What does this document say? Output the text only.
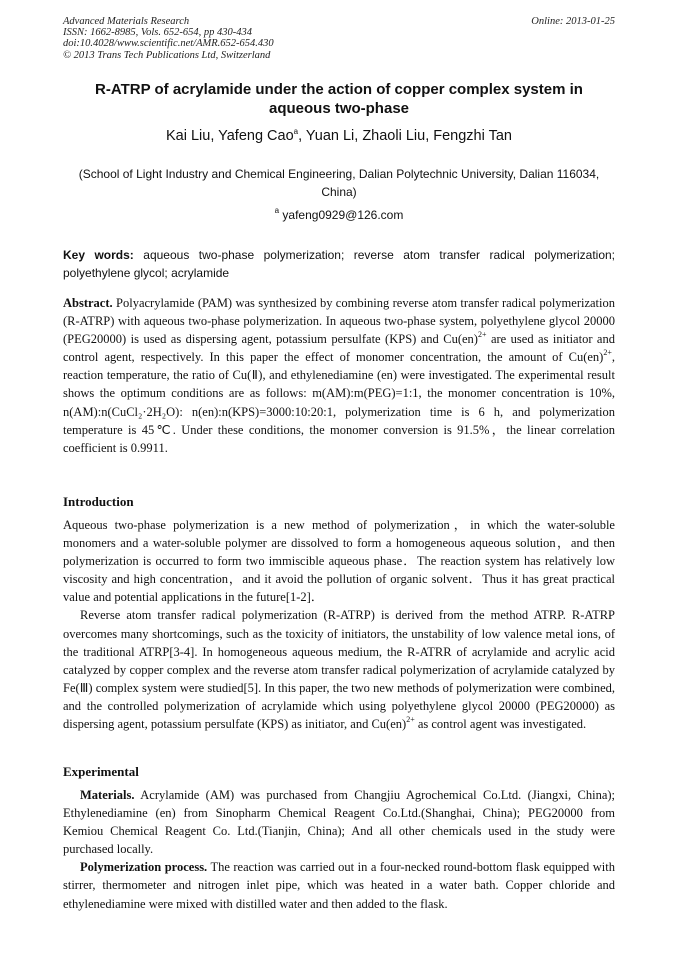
Advanced Materials Research
ISSN: 1662-8985, Vols. 652-654, pp 430-434
doi:10.4028/www.scientific.net/AMR.652-654.430
© 2013 Trans Tech Publications Ltd, Switzerland
Online: 2013-01-25
R-ATRP of acrylamide under the action of copper complex system in
aqueous two-phase
Kai Liu, Yafeng Cao$^a$, Yuan Li, Zhaoli Liu, Fengzhi Tan
(School of Light Industry and Chemical Engineering, Dalian Polytechnic University, Dalian 116034, China)
$^a$ yafeng0929@126.com
Key words: aqueous two-phase polymerization; reverse atom transfer radical polymerization; polyethylene glycol; acrylamide
Abstract. Polyacrylamide (PAM) was synthesized by combining reverse atom transfer radical polymerization (R-ATRP) with aqueous two-phase polymerization. In aqueous two-phase system, polyethylene glycol 20000 (PEG20000) is used as dispersing agent, potassium persulfate (KPS) and Cu(en)$^{2+}$ are used as initiator and control agent, respectively. In this paper the effect of monomer concentration, the amount of Cu(en)$^{2+}$, reaction temperature, the ratio of Cu(Ⅱ), and ethylenediamine (en) were investigated. The experimental result shows the optimum conditions are as follows: m(AM):m(PEG)=1:1, the monomer concentration is 10%, n(AM):n(CuCl₂·2H₂O): n(en):n(KPS)=3000:10:20:1, polymerization time is 6 h, and polymerization temperature is 45℃. Under these conditions, the monomer conversion is 91.5%，the linear correlation coefficient is 0.9911.
Introduction

Aqueous two-phase polymerization is a new method of polymerization，in which the water-soluble monomers and a water-soluble polymer are dissolved to form a homogeneous aqueous solution，and then polymerization is occurred to form two immiscible aqueous phase．The reaction system has relatively low viscosity and high concentration，and it avoid the pollution of organic solvent．Thus it has great practical value and potential applications in the future[1-2]．

Reverse atom transfer radical polymerization (R-ATRP) is derived from the method ATRP. R-ATRP overcomes many shortcomings, such as the toxicity of initiators, the unstability of low valence metal ions, of the traditional ATRP[3-4]. In homogeneous aqueous medium, the R-ATRR of acrylamide and acrylic acid catalyzed by copper complex and the reverse atom transfer radical polymerization of acrylamide catalyzed by Fe(Ⅲ) complex system were studied[5]. In this paper, the two new methods of polymerization were combined, and the controlled polymerization of acrylamide which using polyethylene glycol 20000 (PEG20000) as dispersing agent, potassium persulfate (KPS) as initiator, and Cu(en)$^{2+}$ as control agent was investigated.

Experimental

Materials. Acrylamide (AM) was purchased from Changjiu Agrochemical Co.Ltd. (Jiangxi, China); Ethylenediamine (en) from Sinopharm Chemical Reagent Co.Ltd.(Shanghai, China); PEG20000 from Kemiou Chemical Reagent Co. Ltd.(Tianjin, China); And all other chemicals used in the study were purchased locally.

Polymerization process. The reaction was carried out in a four-necked round-bottom flask equipped with stirrer, thermometer and nitrogen inlet pipe, which was heated in a water bath. Copper chloride and ethylenediamine were mixed with distilled water and then added to the flask.
